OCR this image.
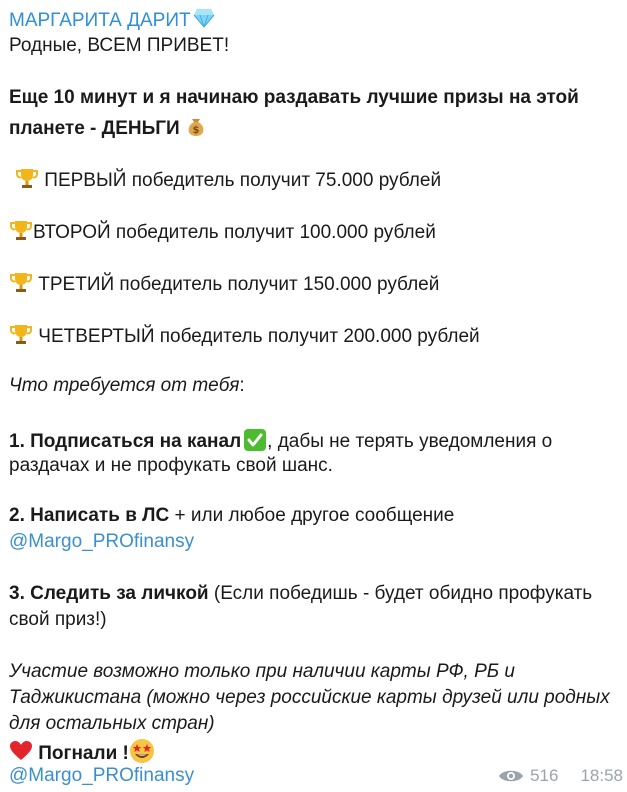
МАРГАРИТА ДАРИТ
Родные, ВСЕМ ПРИВЕТ!
Еще 10 минут и я начинаю раздавать лучшие призы на этой
планете - ДЕНЬГИ $
ПЕРВЫЙ победитель получит 75.000 рублей
ВТОРОЙ победитель получит 100.000 рублей
ТРЕТИЙ победитель получит 150.000 рублей
ЧЕТВЕРТЫЙ победитель получит 200.000 рублей
Что требуется от тебя:
1. Подписаться на канал , дабы не терять уведомления о
раздачах и не профукать свой шанс.
2. Написать в ЛС + или любое другое сообщение
@Margo_PROfinansy
3. Следить за личкой (Если победишь - будет обидно профукать
свой приз!)
Участие возможно только при наличии карты РФ, РБ и
Таджикистана (можно через российские карты друзей или родных
для остальных стран)
Погнали !
@Margo_PROfinansy	516 18:58
